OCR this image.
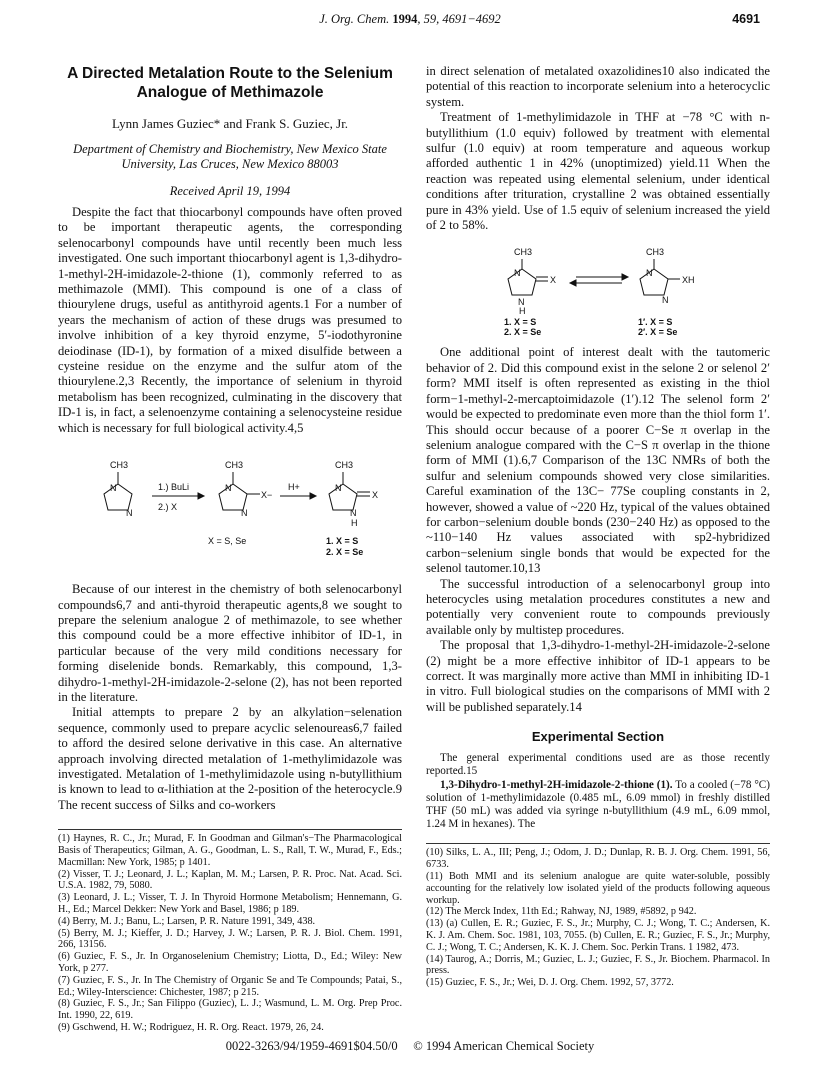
J. Org. Chem. 1994, 59, 4691−4692	4691
A Directed Metalation Route to the Selenium Analogue of Methimazole
Lynn James Guziec* and Frank S. Guziec, Jr.
Department of Chemistry and Biochemistry, New Mexico State University, Las Cruces, New Mexico 88003
Received April 19, 1994

Despite the fact that thiocarbonyl compounds have often proved to be important therapeutic agents, the corresponding selenocarbonyl compounds have until recently been much less investigated. One such important thiocarbonyl agent is 1,3-dihydro-1-methyl-2H-imidazole-2-thione (1), commonly referred to as methimazole (MMI). This compound is one of a class of thiourylene drugs, useful as antithyroid agents.1 For a number of years the mechanism of action of these drugs was presumed to involve inhibition of a key thyroid enzyme, 5′-iodothyronine deiodinase (ID-1), by formation of a mixed disulfide between a cysteine residue on the enzyme and the sulfur atom of the thiourylene.2,3 Recently, the importance of selenium in thyroid metabolism has been recognized, culminating in the discovery that ID-1 is, in fact, a selenoenzyme containing a selenocysteine residue which is necessary for full biological activity.4,5

CH3
N
N
1.) BuLi
2.) X
CH3
N
N
X−
H+
CH3
N
N
H
X
X = S, Se	1. X = S
2. X = Se

Because of our interest in the chemistry of both selenocarbonyl compounds6,7 and anti-thyroid therapeutic agents,8 we sought to prepare the selenium analogue 2 of methimazole, to see whether this compound could be a more effective inhibitor of ID-1, in particular because of the very mild conditions necessary for forming diselenide bonds. Remarkably, this compound, 1,3-dihydro-1-methyl-2H-imidazole-2-selone (2), has not been reported in the literature.

Initial attempts to prepare 2 by an alkylation−selenation sequence, commonly used to prepare acyclic selenoureas6,7 failed to afford the desired selone derivative in this case. An alternative approach involving directed metalation of 1-methylimidazole was investigated. Metalation of 1-methylimidazole using n-butyllithium is known to lead to α-lithiation at the 2-position of the heterocycle.9 The recent success of Silks and co-workers

(1) Haynes, R. C., Jr.; Murad, F. In Goodman and Gilman's−The Pharmacological Basis of Therapeutics; Gilman, A. G., Goodman, L. S., Rall, T. W., Murad, F., Eds.; Macmillan: New York, 1985; p 1401.
(2) Visser, T. J.; Leonard, J. L.; Kaplan, M. M.; Larsen, P. R. Proc. Nat. Acad. Sci. U.S.A. 1982, 79, 5080.
(3) Leonard, J. L.; Visser, T. J. In Thyroid Hormone Metabolism; Hennemann, G. H., Ed.; Marcel Dekker: New York and Basel, 1986; p 189.
(4) Berry, M. J.; Banu, L.; Larsen, P. R. Nature 1991, 349, 438.
(5) Berry, M. J.; Kieffer, J. D.; Harvey, J. W.; Larsen, P. R. J. Biol. Chem. 1991, 266, 13156.
(6) Guziec, F. S., Jr. In Organoselenium Chemistry; Liotta, D., Ed.; Wiley: New York, p 277.
(7) Guziec, F. S., Jr. In The Chemistry of Organic Se and Te Compounds; Patai, S., Ed.; Wiley-Interscience: Chichester, 1987; p 215.
(8) Guziec, F. S., Jr.; San Filippo (Guziec), L. J.; Wasmund, L. M. Org. Prep Proc. Int. 1990, 22, 619.
(9) Gschwend, H. W.; Rodriguez, H. R. Org. React. 1979, 26, 24.

in direct selenation of metalated oxazolidines10 also indicated the potential of this reaction to incorporate selenium into a heterocyclic system.

Treatment of 1-methylimidazole in THF at −78 °C with n-butyllithium (1.0 equiv) followed by treatment with elemental sulfur (1.0 equiv) at room temperature and aqueous workup afforded authentic 1 in 42% (unoptimized) yield.11 When the reaction was repeated using elemental selenium, under identical conditions after trituration, crystalline 2 was obtained essentially pure in 43% yield. Use of 1.5 equiv of selenium increased the yield of 2 to 58%.

CH3
N
N
H
X
CH3
N
N
XH
1. X = S
2. X = Se
1′. X = S
2′. X = Se

One additional point of interest dealt with the tautomeric behavior of 2. Did this compound exist in the selone 2 or selenol 2′ form? MMI itself is often represented as existing in the thiol form−1-methyl-2-mercaptoimidazole (1′).12 The selenol form 2′ would be expected to predominate even more than the thiol form 1′. This should occur because of a poorer C−Se π overlap in the selenium analogue compared with the C−S π overlap in the thione form of MMI (1).6,7 Comparison of the 13C NMRs of both the sulfur and selenium compounds showed very close similarities. Careful examination of the 13C− 77Se coupling constants in 2, however, showed a value of ~220 Hz, typical of the values obtained for carbon−selenium double bonds (230−240 Hz) as opposed to the ~110−140 Hz values associated with sp2-hybridized carbon−selenium single bonds that would be expected for the selenol tautomer.10,13

The successful introduction of a selenocarbonyl group into heterocycles using metalation procedures constitutes a new and potentially very convenient route to compounds previously available only by multistep procedures.

The proposal that 1,3-dihydro-1-methyl-2H-imidazole-2-selone (2) might be a more effective inhibitor of ID-1 appears to be correct. It was marginally more active than MMI in inhibiting ID-1 in vitro. Full biological studies on the comparisons of MMI with 2 will be published separately.14

Experimental Section

The general experimental conditions used are as those recently reported.15

1,3-Dihydro-1-methyl-2H-imidazole-2-thione (1). To a cooled (−78 °C) solution of 1-methylimidazole (0.485 mL, 6.09 mmol) in freshly distilled THF (50 mL) was added via syringe n-butyllithium (4.9 mL, 6.09 mmol, 1.24 M in hexanes). The

(10) Silks, L. A., III; Peng, J.; Odom, J. D.; Dunlap, R. B. J. Org. Chem. 1991, 56, 6733.
(11) Both MMI and its selenium analogue are quite water-soluble, possibly accounting for the relatively low isolated yield of the products following aqueous workup.
(12) The Merck Index, 11th Ed.; Rahway, NJ, 1989, #5892, p 942.
(13) (a) Cullen, E. R.; Guziec, F. S., Jr.; Murphy, C. J.; Wong, T. C.; Andersen, K. K. J. Am. Chem. Soc. 1981, 103, 7055. (b) Cullen, E. R.; Guziec, F. S., Jr.; Murphy, C. J.; Wong, T. C.; Andersen, K. K. J. Chem. Soc. Perkin Trans. 1 1982, 473.
(14) Taurog, A.; Dorris, M.; Guziec, L. J.; Guziec, F. S., Jr. Biochem. Pharmacol. In press.
(15) Guziec, F. S., Jr.; Wei, D. J. Org. Chem. 1992, 57, 3772.
0022-3263/94/1959-4691$04.50/0 © 1994 American Chemical Society
